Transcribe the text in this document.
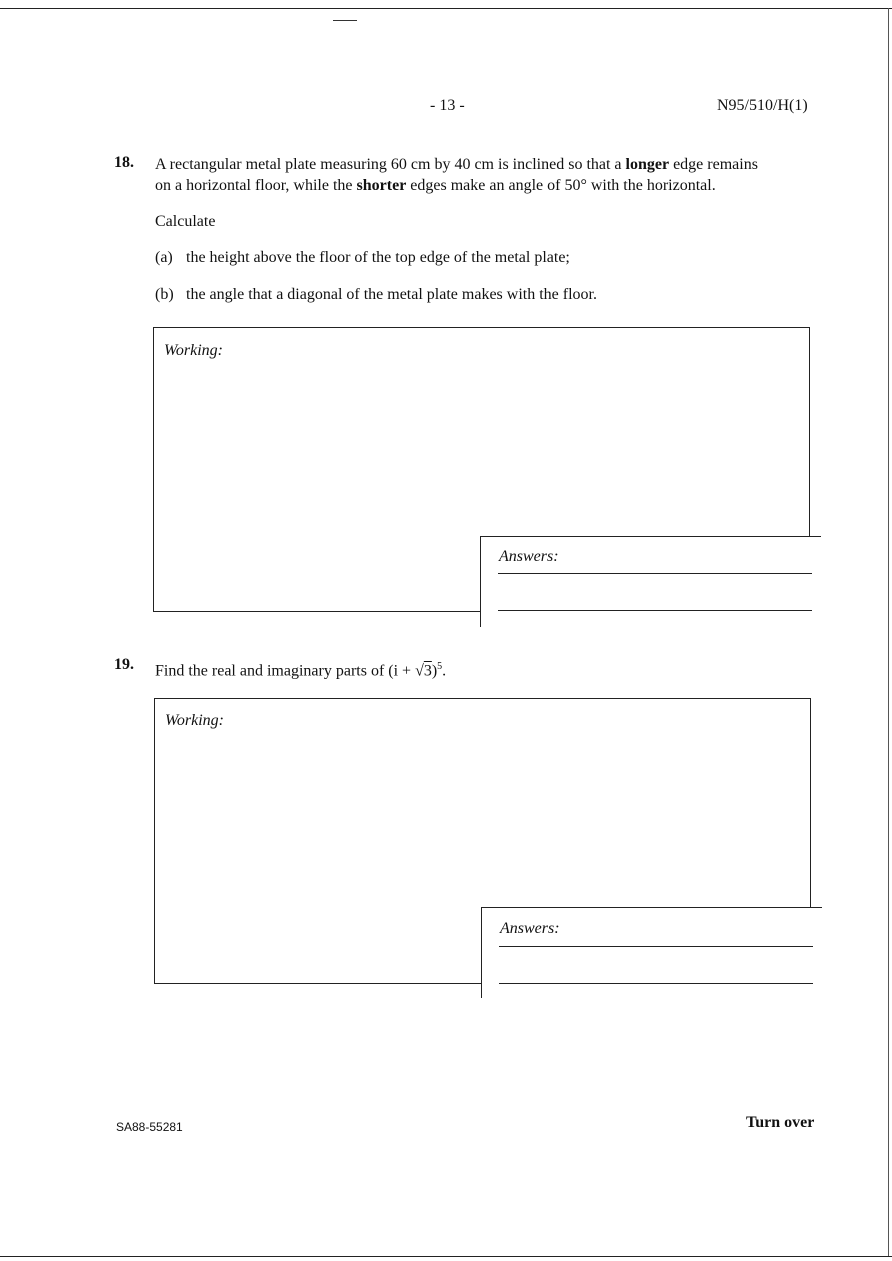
- 13 -	N95/510/H(1)
18. A rectangular metal plate measuring 60 cm by 40 cm is inclined so that a longer edge remains
on a horizontal floor, while the shorter edges make an angle of 50° with the horizontal.
Calculate
(a) the height above the floor of the top edge of the metal plate;
(b) the angle that a diagonal of the metal plate makes with the floor.
Working:
Answers:
19. Find the real and imaginary parts of $(i + √3)^5$.
Working:
Answers:
SA88-55281	Turn over
